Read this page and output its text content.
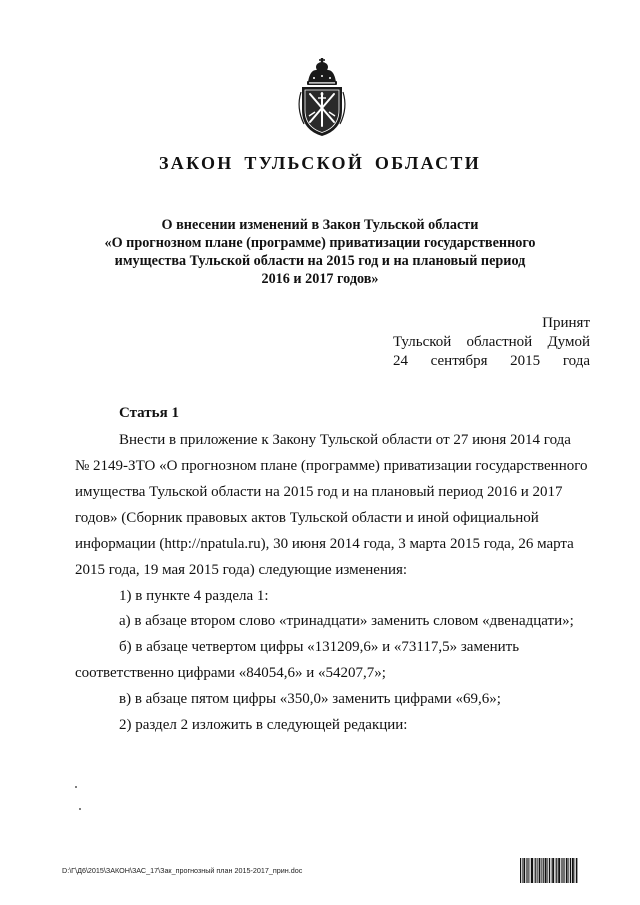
ЗАКОН ТУЛЬСКОЙ ОБЛАСТИ
О внесении изменений в Закон Тульской области
«О прогнозном плане (программе) приватизации государственного
имущества Тульской области на 2015 год и на плановый период
2016 и 2017 годов»
Принят
Тульской областной Думой
24 сентября 2015 года
Статья 1
Внести в приложение к Закону Тульской области от 27 июня 2014 года
№ 2149-ЗТО «О прогнозном плане (программе) приватизации государственного
имущества Тульской области на 2015 год и на плановый период 2016 и 2017
годов» (Сборник правовых актов Тульской области и иной официальной
информации (http://npatula.ru), 30 июня 2014 года, 3 марта 2015 года, 26 марта
2015 года, 19 мая 2015 года) следующие изменения:
1) в пункте 4 раздела 1:
а) в абзаце втором слово «тринадцати» заменить словом «двенадцати»;
б) в абзаце четвертом цифры «131209,6» и «73117,5» заменить
соответственно цифрами «84054,6» и «54207,7»;
в) в абзаце пятом цифры «350,0» заменить цифрами «69,6»;
2) раздел 2 изложить в следующей редакции:
D:\Г\Д6\2015\ЗАКОН\ЗАС_17\Зак_прогнозный план 2015-2017_прин.doc
